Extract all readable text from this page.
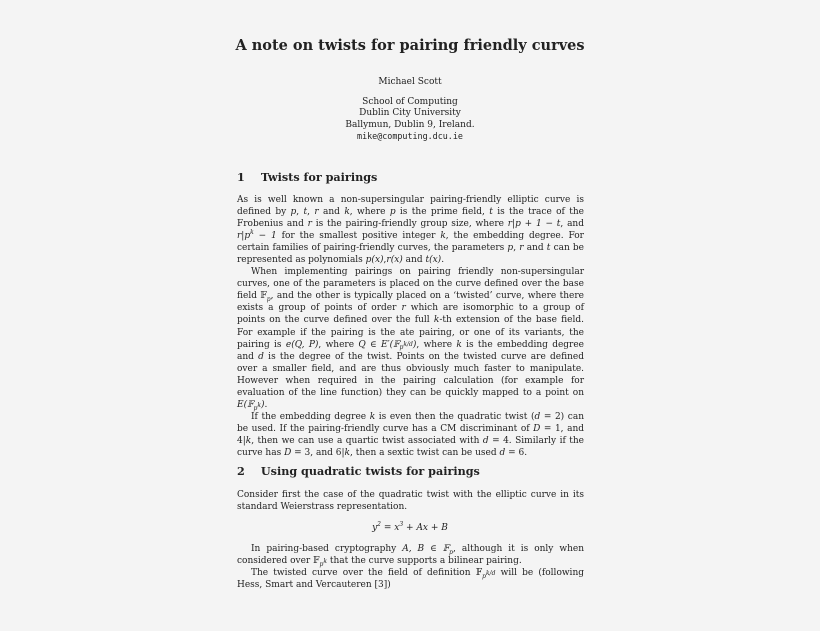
A note on twists for pairing friendly curves
Michael Scott
School of Computing
Dublin City University
Ballymun, Dublin 9, Ireland.
mike@computing.dcu.ie
1 Twists for pairings

As is well known a non-supersingular pairing-friendly elliptic curve is defined by p, t, r and k, where p is the prime field, t is the trace of the Frobenius and r is the pairing-friendly group size, where r|p + 1 − t, and $r|p^k - 1$ for the smallest positive integer k, the embedding degree. For certain families of pairing-friendly curves, the parameters p, r and t can be represented as polynomials p(x),r(x) and t(x).

When implementing pairings on pairing friendly non-supersingular curves, one of the parameters is placed on the curve defined over the base field 𝔽$_p$, and the other is typically placed on a ‘twisted’ curve, where there exists a group of points of order r which are isomorphic to a group of points on the curve defined over the full k-th extension of the base field. For example if the pairing is the ate pairing, or one of its variants, the pairing is e(Q, P), where Q ∈ E′(𝔽$_{p^{k/d}}$), where k is the embedding degree and d is the degree of the twist. Points on the twisted curve are defined over a smaller field, and are thus obviously much faster to manipulate. However when required in the pairing calculation (for example for evaluation of the line function) they can be quickly mapped to a point on E(𝔽$_{p^k}$).

If the embedding degree k is even then the quadratic twist (d = 2) can be used. If the pairing-friendly curve has a CM discriminant of D = 1, and 4|k, then we can use a quartic twist associated with d = 4. Similarly if the curve has D = 3, and 6|k, then a sextic twist can be used d = 6.

2 Using quadratic twists for pairings

Consider first the case of the quadratic twist with the elliptic curve in its standard Weierstrass representation.

$y^2 = x^3 + Ax + B$

In pairing-based cryptography A, B ∈ 𝔽$_p$, although it is only when considered over 𝔽$_{p^k}$ that the curve supports a bilinear pairing.

The twisted curve over the field of definition 𝔽$_{p^{k/d}}$ will be (following Hess, Smart and Vercauteren [3])
